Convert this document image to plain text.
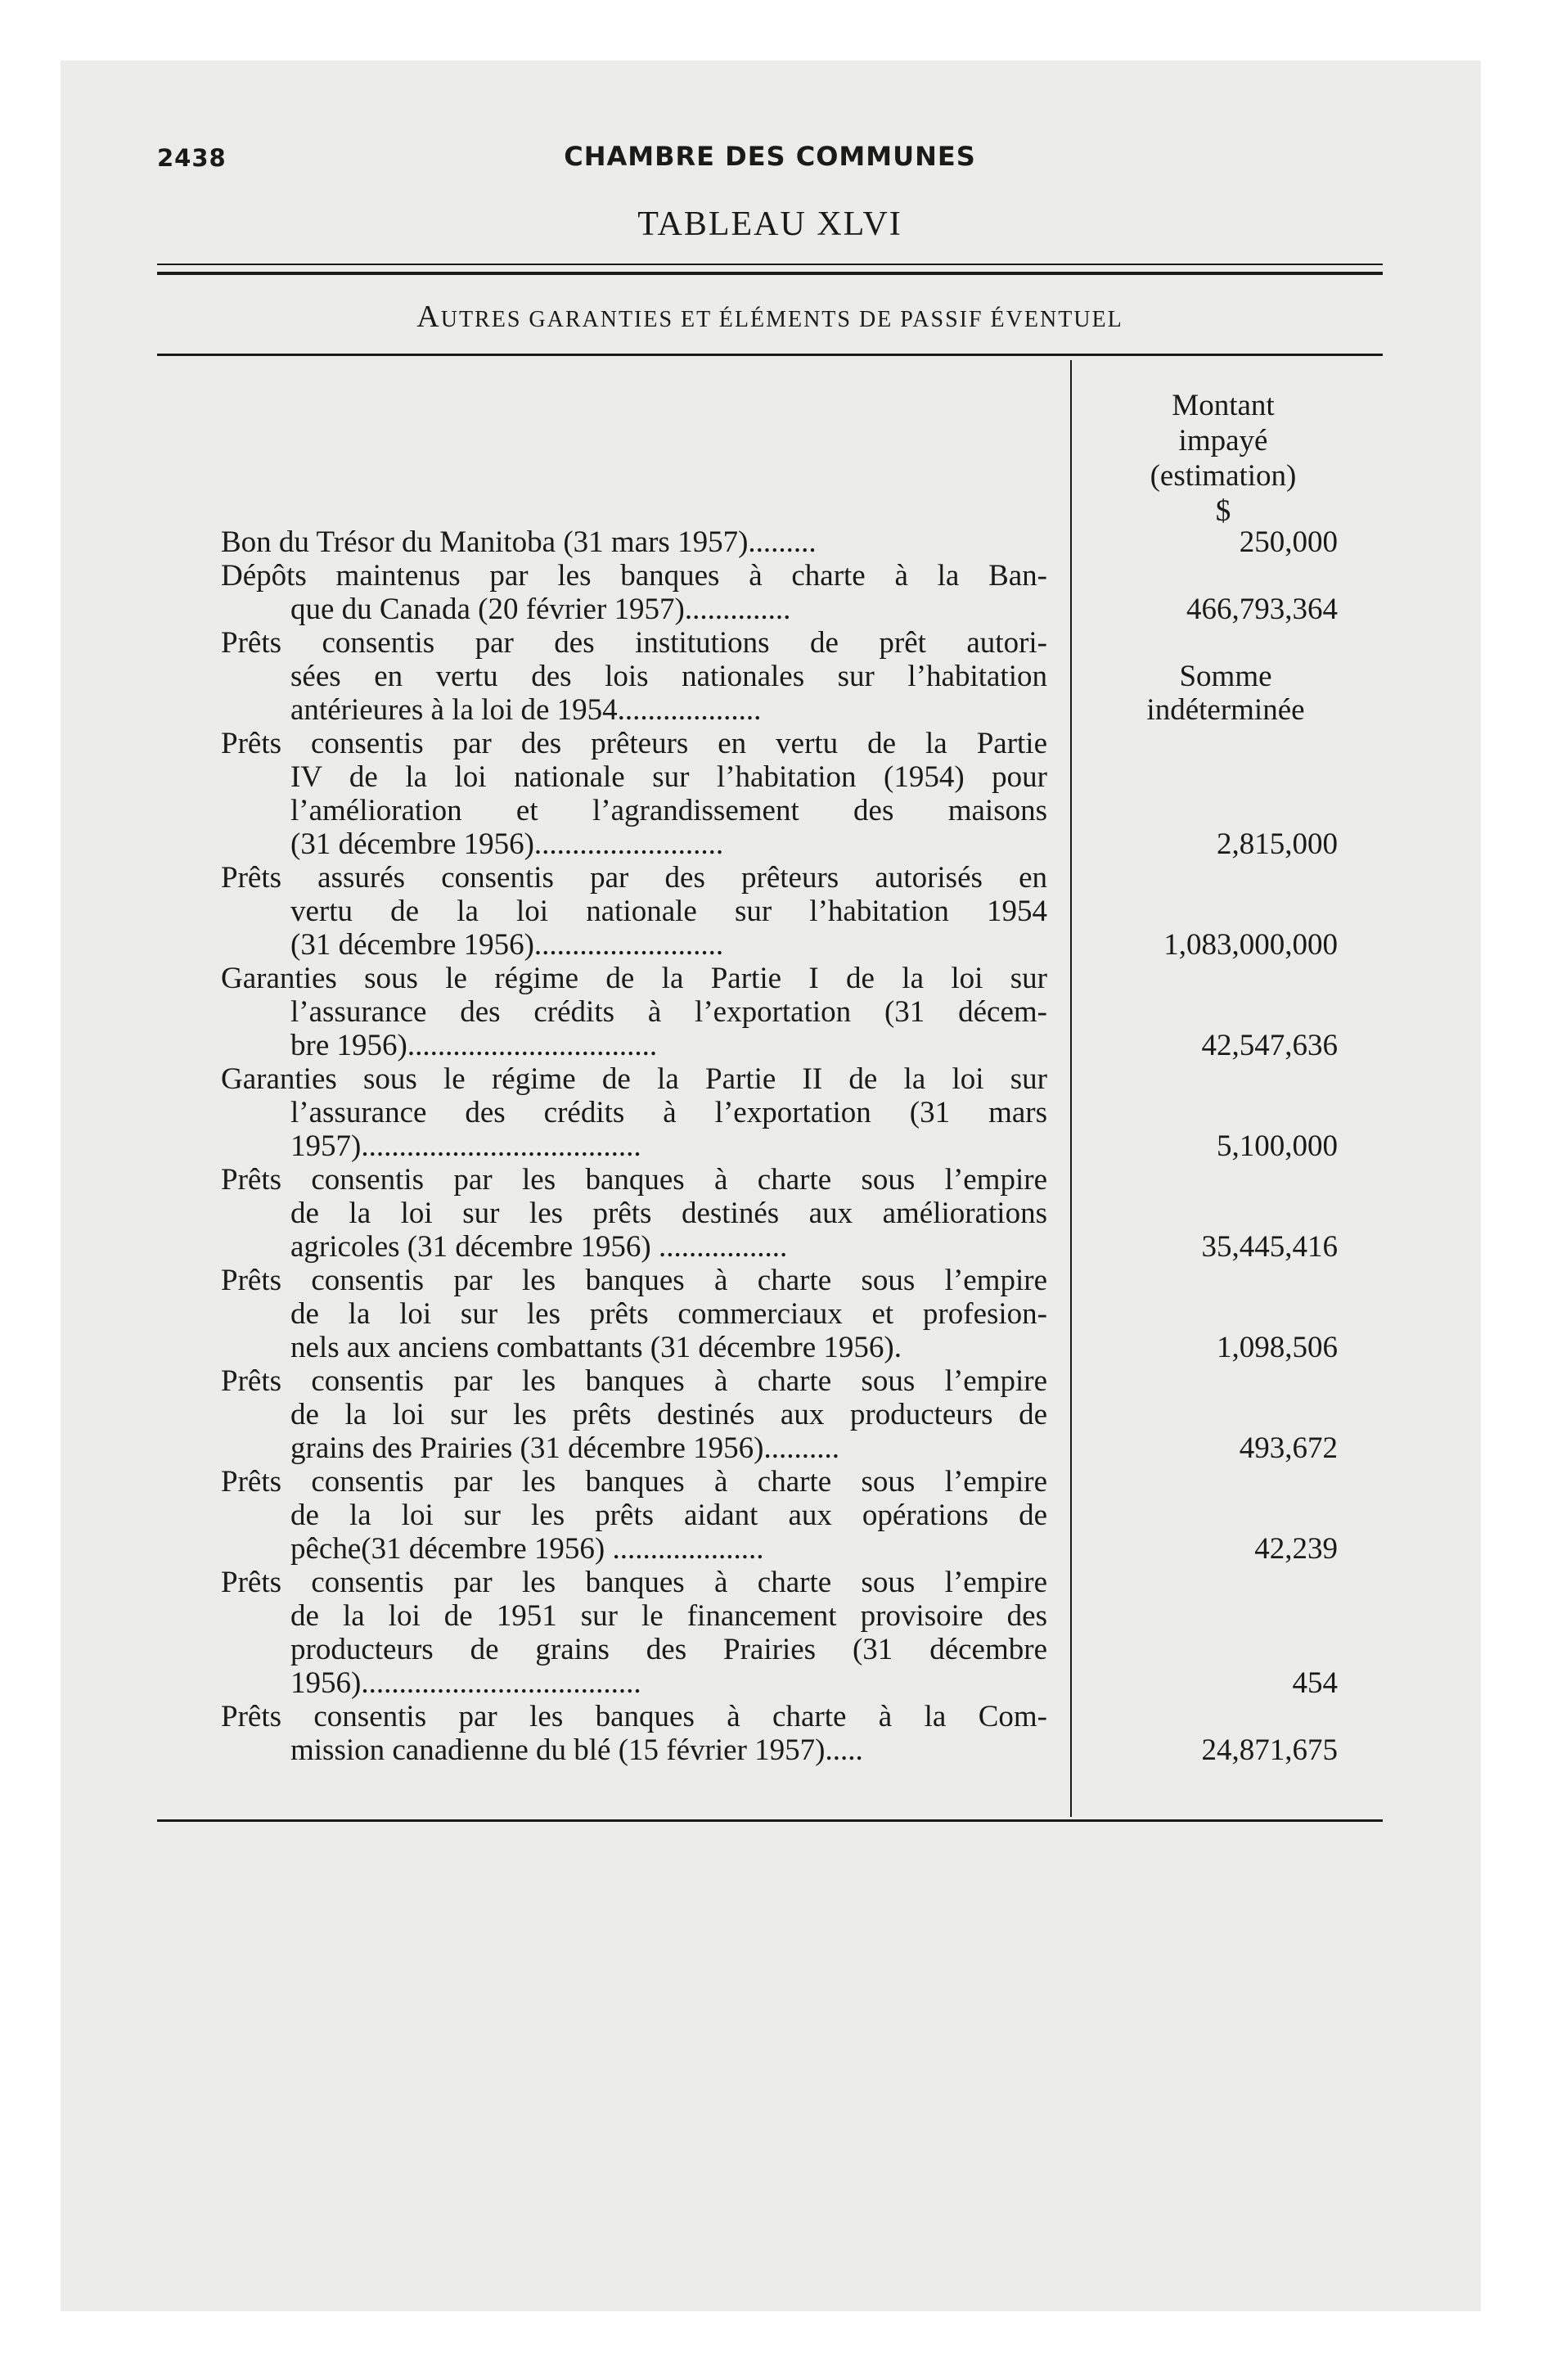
2438	CHAMBRE DES COMMUNES
TABLEAU XLVI
AUTRES GARANTIES ET ÉLÉMENTS DE PASSIF ÉVENTUEL
Montant
impayé
(estimation)
$
Bon du Trésor du Manitoba (31 mars 1957).........	250,000
Dépôts maintenus par les banques à charte à la Ban-
que du Canada (20 février 1957)..............	466,793,364
Prêts consentis par des institutions de prêt autori-
sées en vertu des lois nationales sur l’habitation
antérieures à la loi de 1954...................
Somme
indéterminée
Prêts consentis par des prêteurs en vertu de la Partie
IV de la loi nationale sur l’habitation (1954) pour
l’amélioration et l’agrandissement des maisons
(31 décembre 1956).........................	2,815,000
Prêts assurés consentis par des prêteurs autorisés en
vertu de la loi nationale sur l’habitation 1954
(31 décembre 1956).........................	1,083,000,000
Garanties sous le régime de la Partie I de la loi sur
l’assurance des crédits à l’exportation (31 décem-
bre 1956).................................	42,547,636
Garanties sous le régime de la Partie II de la loi sur
l’assurance des crédits à l’exportation (31 mars
1957).....................................	5,100,000
Prêts consentis par les banques à charte sous l’empire
de la loi sur les prêts destinés aux améliorations
agricoles (31 décembre 1956) .................	35,445,416
Prêts consentis par les banques à charte sous l’empire
de la loi sur les prêts commerciaux et profesion-
nels aux anciens combattants (31 décembre 1956).	1,098,506
Prêts consentis par les banques à charte sous l’empire
de la loi sur les prêts destinés aux producteurs de
grains des Prairies (31 décembre 1956)..........	493,672
Prêts consentis par les banques à charte sous l’empire
de la loi sur les prêts aidant aux opérations de
pêche(31 décembre 1956) ....................	42,239
Prêts consentis par les banques à charte sous l’empire
de la loi de 1951 sur le financement provisoire des
producteurs de grains des Prairies (31 décembre
1956).....................................	454
Prêts consentis par les banques à charte à la Com-
mission canadienne du blé (15 février 1957).....	24,871,675
